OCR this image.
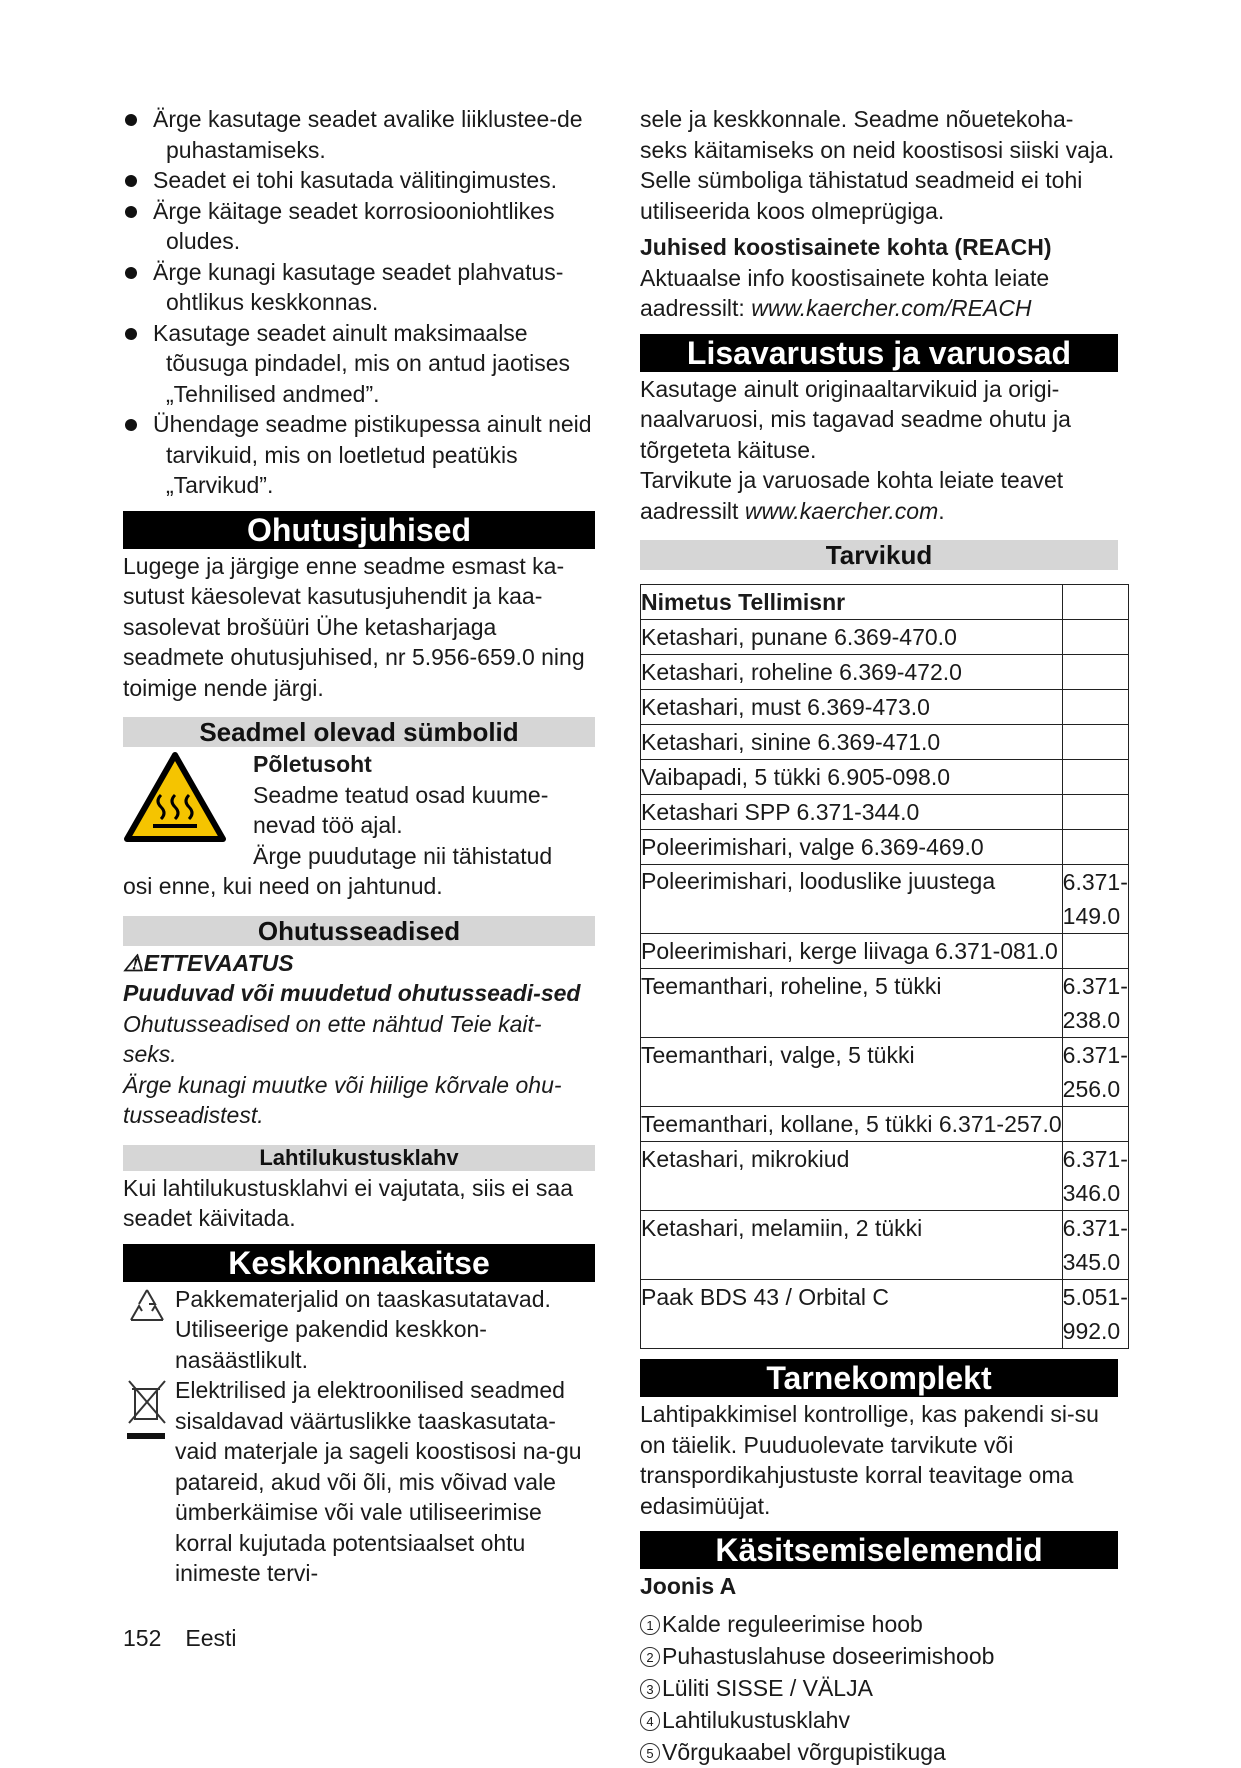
Ärge kasutage seadet avalike liiklustee-de puhastamiseks.
Seadet ei tohi kasutada välitingimustes.
Ärge käitage seadet korrosiooniohtlikes oludes.
Ärge kunagi kasutage seadet plahvatus-ohtlikus keskkonnas.
Kasutage seadet ainult maksimaalse tõusuga pindadel, mis on antud jaotises „Tehnilised andmed”.
Ühendage seadme pistikupessa ainult neid tarvikuid, mis on loetletud peatükis „Tarvikud”.
Ohutusjuhised

Lugege ja järgige enne seadme esmast ka-sutust käesolevat kasutusjuhendit ja kaa-sasolevat brošüüri Ühe ketasharjaga seadmete ohutusjuhised, nr 5.956-659.0 ning toimige nende järgi.

Seadmel olevad sümbolid
Põletusoht
Seadme teatud osad kuume-
nevad töö ajal.
Ärge puudutage nii tähistatud
osi enne, kui need on jahtunud.
Ohutusseadised

⚠ETTEVAATUS

Puuduvad või muudetud ohutusseadi-sed

Ohutusseadised on ette nähtud Teie kait-seks.

Ärge kunagi muutke või hiilige kõrvale ohu-tusseadistest.

Lahtilukustusklahv

Kui lahtilukustusklahvi ei vajutata, siis ei saa seadet käivitada.

Keskkonnakaitse

Pakkematerjalid on taaskasutatavad. Utiliseerige pakendid keskkon-nasäästlikult.

Elektrilised ja elektroonilised seadmed sisaldavad väärtuslikke taaskasutata-vaid materjale ja sageli koostisosi na-gu patareid, akud või õli, mis võivad vale ümberkäimise või vale utiliseerimise korral kujutada potentsiaalset ohtu inimeste tervi-

sele ja keskkonnale. Seadme nõuetekoha-seks käitamiseks on neid koostisosi siiski vaja. Selle sümboliga tähistatud seadmeid ei tohi utiliseerida koos olmeprügiga.

Juhised koostisainete kohta (REACH)

Aktuaalse info koostisainete kohta leiate aadressilt: www.kaercher.com/REACH

Lisavarustus ja varuosad

Kasutage ainult originaaltarvikuid ja origi-naalvaruosi, mis tagavad seadme ohutu ja tõrgeteta käituse.

Tarvikute ja varuosade kohta leiate teavet aadressilt www.kaercher.com.

Tarvikud
Nimetus Tellimisnr	
Ketashari, punane 6.369-470.0	
Ketashari, roheline 6.369-472.0	
Ketashari, must 6.369-473.0	
Ketashari, sinine 6.369-471.0	
Vaibapadi, 5 tükki 6.905-098.0	
Ketashari SPP 6.371-344.0	
Poleerimishari, valge 6.369-469.0	
Poleerimishari, looduslike juustega	6.371-149.0
Poleerimishari, kerge liivaga 6.371-081.0	
Teemanthari, roheline, 5 tükki	6.371-238.0
Teemanthari, valge, 5 tükki	6.371-256.0
Teemanthari, kollane, 5 tükki 6.371-257.0	
Ketashari, mikrokiud	6.371-346.0
Ketashari, melamiin, 2 tükki	6.371-345.0
Paak BDS 43 / Orbital C	5.051-992.0
Tarnekomplekt

Lahtipakkimisel kontrollige, kas pakendi si-su on täielik. Puuduolevate tarvikute või transpordikahjustuste korral teavitage oma edasimüüjat.

Käsitsemiselemendid

Joonis A

1 Kalde reguleerimise hoob
2 Puhastuslahuse doseerimishoob
3 Lüliti SISSE / VÄLJA
4 Lahtilukustusklahv
5 Võrgukaabel võrgupistikuga
152 Eesti
